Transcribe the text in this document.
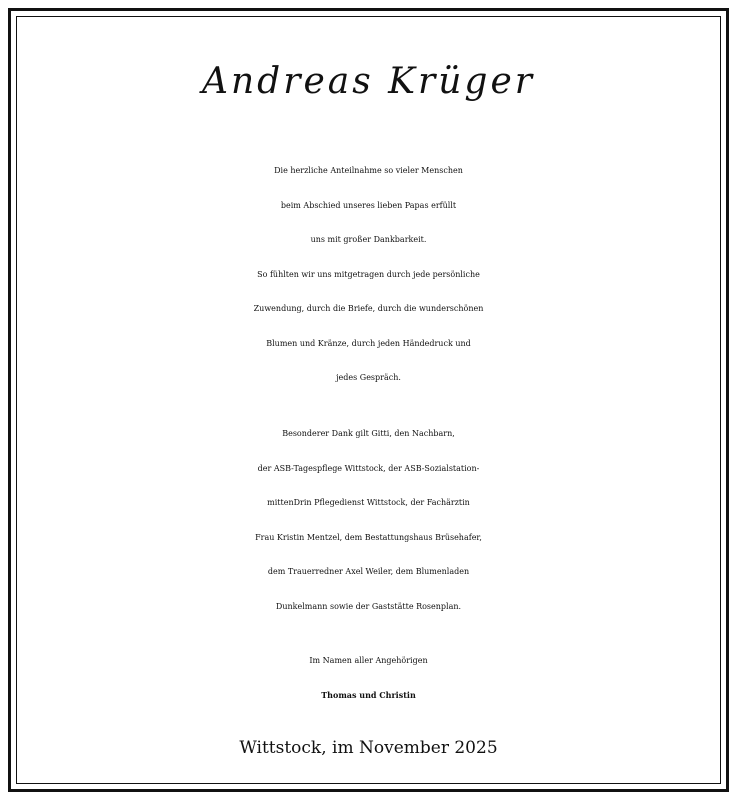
Andreas Krüger

Die herzliche Anteilnahme so vieler Menschen
beim Abschied unseres lieben Papas erfüllt
uns mit großer Dankbarkeit.
So fühlten wir uns mitgetragen durch jede persönliche
Zuwendung, durch die Briefe, durch die wunderschönen
Blumen und Kränze, durch jeden Händedruck und
jedes Gespräch.

Besonderer Dank gilt Gitti, den Nachbarn,
der ASB-Tagespflege Wittstock, der ASB-Sozialstation-
mittenDrin Pflegedienst Wittstock, der Fachärztin
Frau Kristin Mentzel, dem Bestattungshaus Brüsehafer,
dem Trauerredner Axel Weiler, dem Blumenladen
Dunkelmann sowie der Gaststätte Rosenplan.

Im Namen aller Angehörigen
Thomas und Christin
Wittstock, im November 2025
